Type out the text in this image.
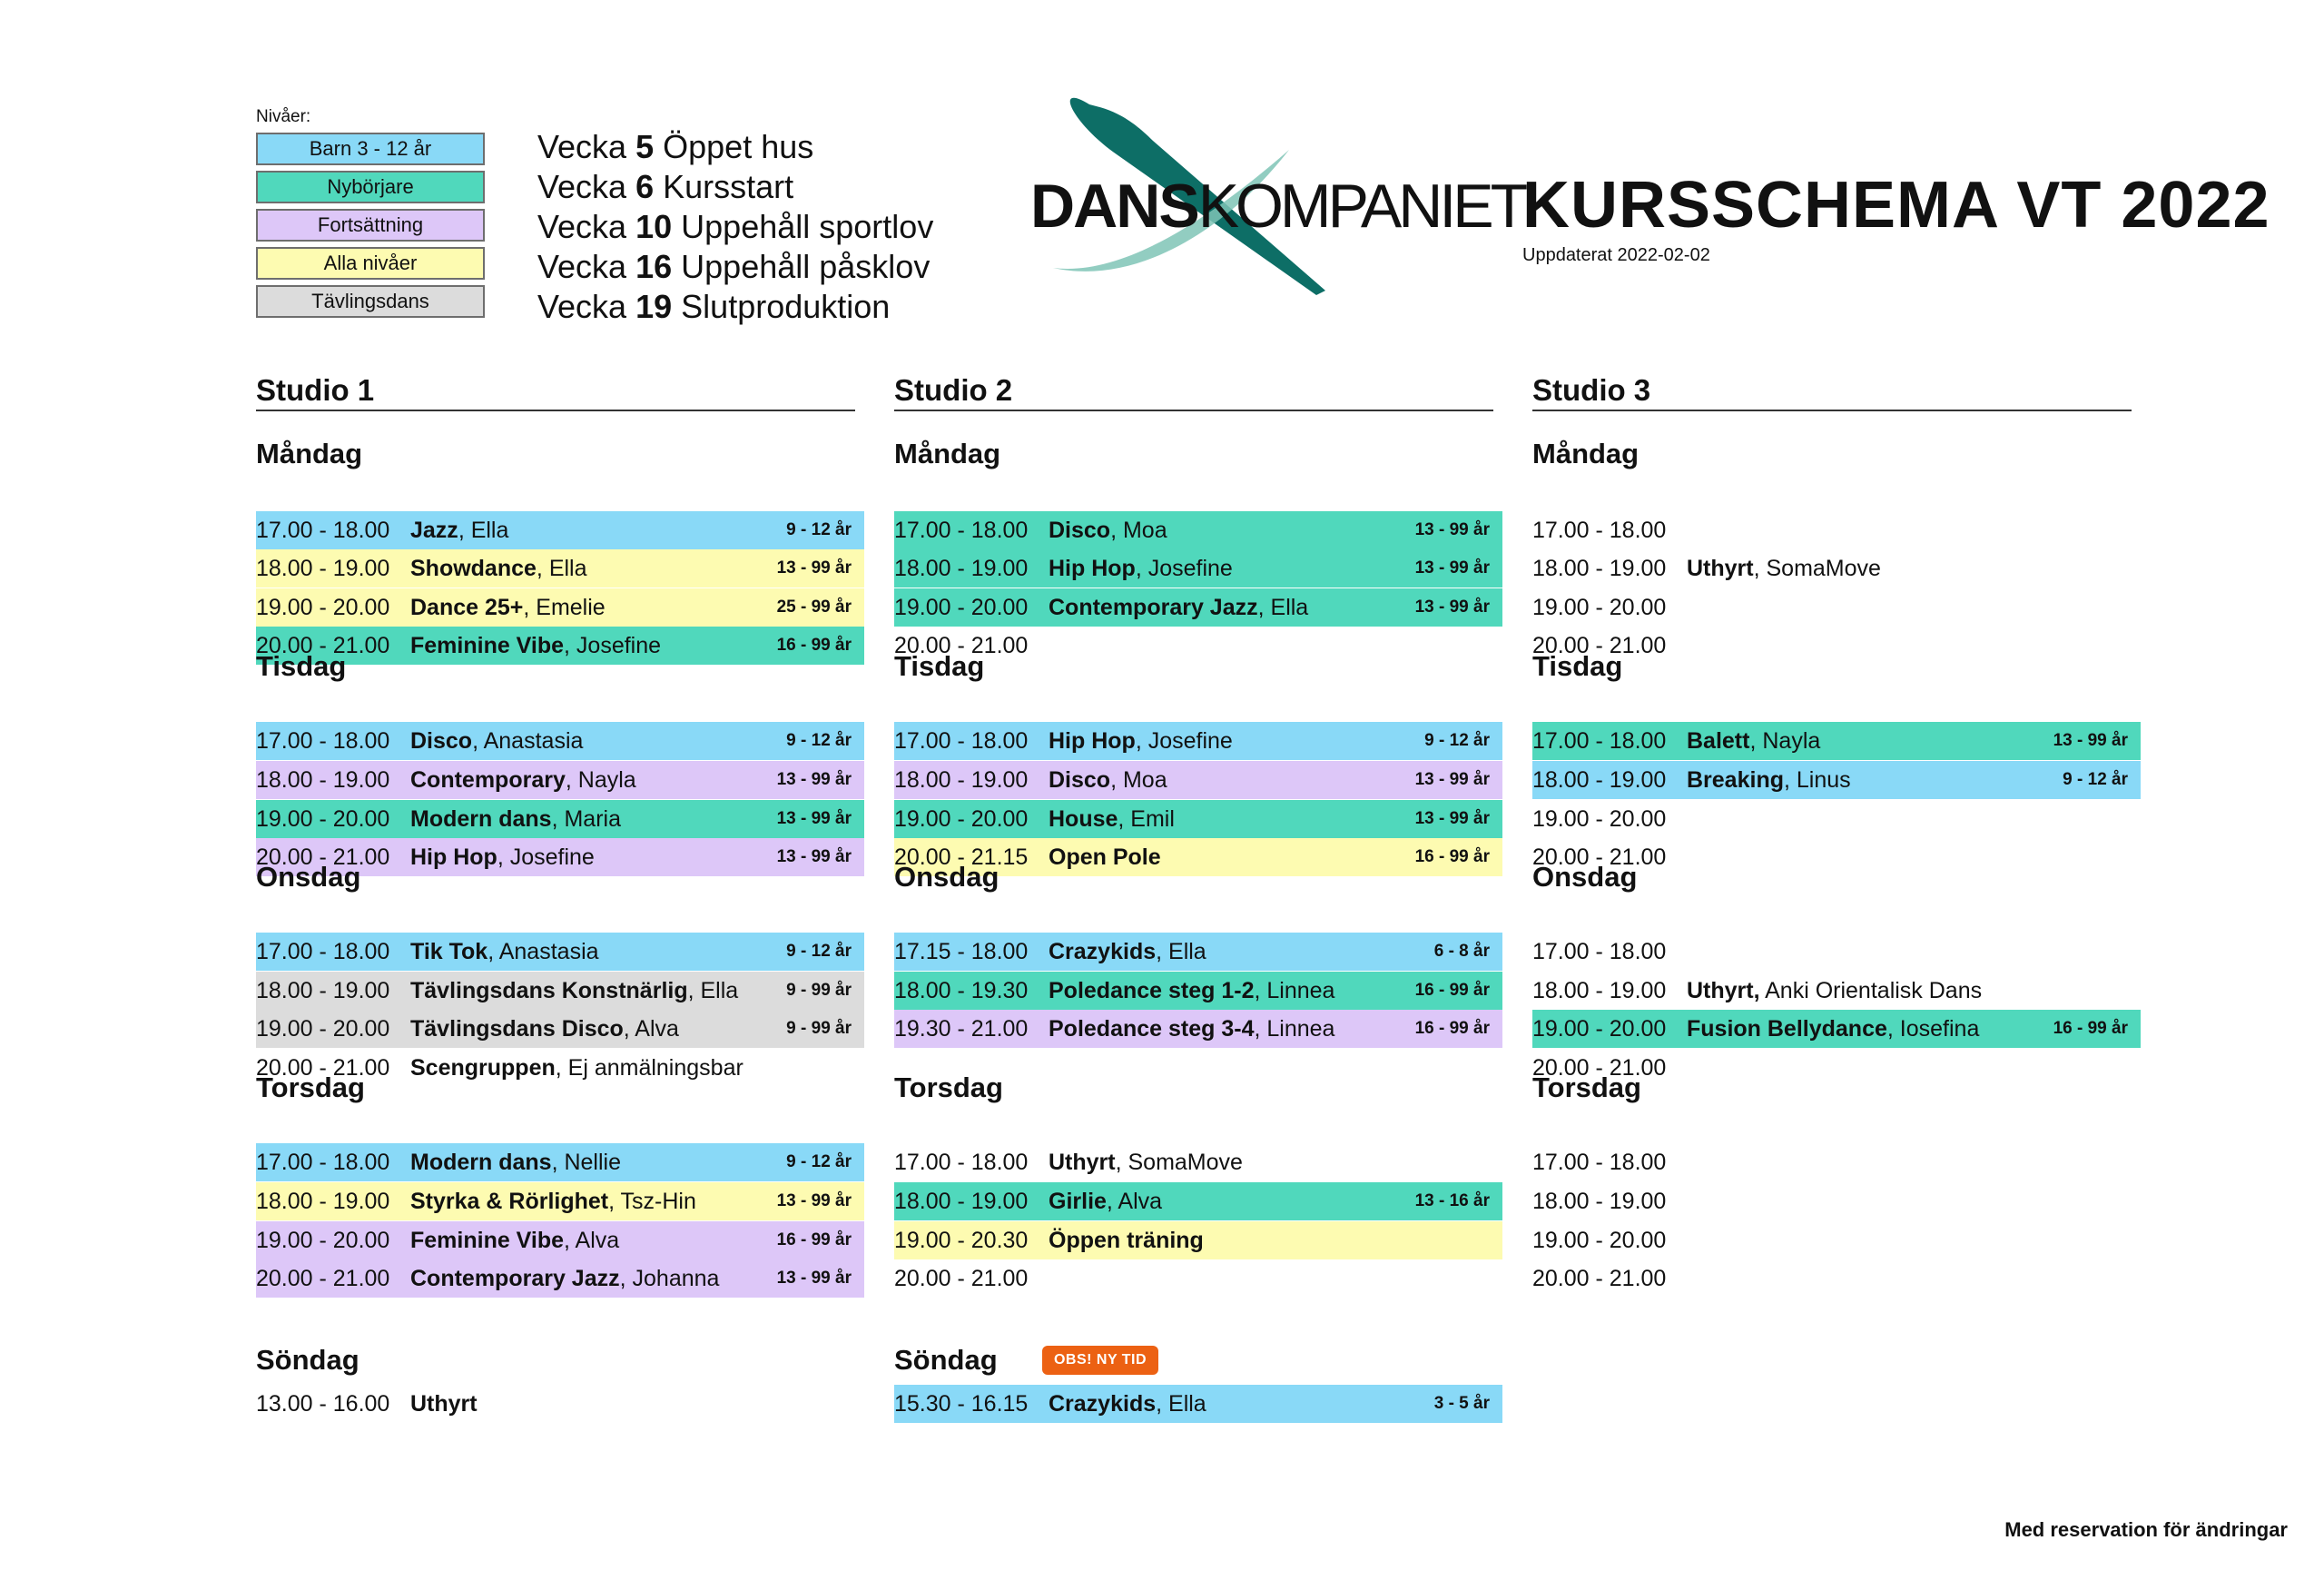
Nivåer:
Barn 3 - 12 år
Nybörjare
Fortsättning
Alla nivåer
Tävlingsdans
Vecka 5 Öppet hus
Vecka 6 Kursstart
Vecka 10 Uppehåll sportlov
Vecka 16 Uppehåll påsklov
Vecka 19 Slutproduktion
DANSKOMPANIET
KURSSCHEMA VT 2022
Uppdaterat 2022-02-02
Studio 1
Måndag
17.00 - 18.00 Jazz, Ella	9 - 12 år
18.00 - 19.00 Showdance, Ella	13 - 99 år
19.00 - 20.00 Dance 25+, Emelie	25 - 99 år
20.00 - 21.00 Feminine Vibe, Josefine	16 - 99 år
Tisdag
17.00 - 18.00 Disco, Anastasia	9 - 12 år
18.00 - 19.00 Contemporary, Nayla	13 - 99 år
19.00 - 20.00 Modern dans, Maria	13 - 99 år
20.00 - 21.00 Hip Hop, Josefine	13 - 99 år
Onsdag
17.00 - 18.00 Tik Tok, Anastasia	9 - 12 år
18.00 - 19.00 Tävlingsdans Konstnärlig, Ella	9 - 99 år
19.00 - 20.00 Tävlingsdans Disco, Alva	9 - 99 år
20.00 - 21.00 Scengruppen, Ej anmälningsbar
Torsdag
17.00 - 18.00 Modern dans, Nellie	9 - 12 år
18.00 - 19.00 Styrka & Rörlighet, Tsz-Hin	13 - 99 år
19.00 - 20.00 Feminine Vibe, Alva	16 - 99 år
20.00 - 21.00 Contemporary Jazz, Johanna	13 - 99 år
Söndag
13.00 - 16.00 Uthyrt
Studio 2
Måndag
17.00 - 18.00 Disco, Moa	13 - 99 år
18.00 - 19.00 Hip Hop, Josefine	13 - 99 år
19.00 - 20.00 Contemporary Jazz, Ella	13 - 99 år
20.00 - 21.00
Tisdag
17.00 - 18.00 Hip Hop, Josefine	9 - 12 år
18.00 - 19.00 Disco, Moa	13 - 99 år
19.00 - 20.00 House, Emil	13 - 99 år
20.00 - 21.15 Open Pole	16 - 99 år
Onsdag
17.15 - 18.00 Crazykids, Ella	6 - 8 år
18.00 - 19.30 Poledance steg 1-2, Linnea	16 - 99 år
19.30 - 21.00 Poledance steg 3-4, Linnea	16 - 99 år
Torsdag
17.00 - 18.00 Uthyrt, SomaMove
18.00 - 19.00 Girlie, Alva	13 - 16 år
19.00 - 20.30 Öppen träning
20.00 - 21.00
Söndag
15.30 - 16.15 Crazykids, Ella	3 - 5 år
Studio 3
Måndag
17.00 - 18.00
18.00 - 19.00 Uthyrt, SomaMove
19.00 - 20.00
20.00 - 21.00
Tisdag
17.00 - 18.00 Balett, Nayla	13 - 99 år
18.00 - 19.00 Breaking, Linus	9 - 12 år
19.00 - 20.00
20.00 - 21.00
Onsdag
17.00 - 18.00
18.00 - 19.00 Uthyrt, Anki Orientalisk Dans
19.00 - 20.00 Fusion Bellydance, Iosefina	16 - 99 år
20.00 - 21.00
Torsdag
17.00 - 18.00
18.00 - 19.00
19.00 - 20.00
20.00 - 21.00
OBS! NY TID
Med reservation för ändringar
